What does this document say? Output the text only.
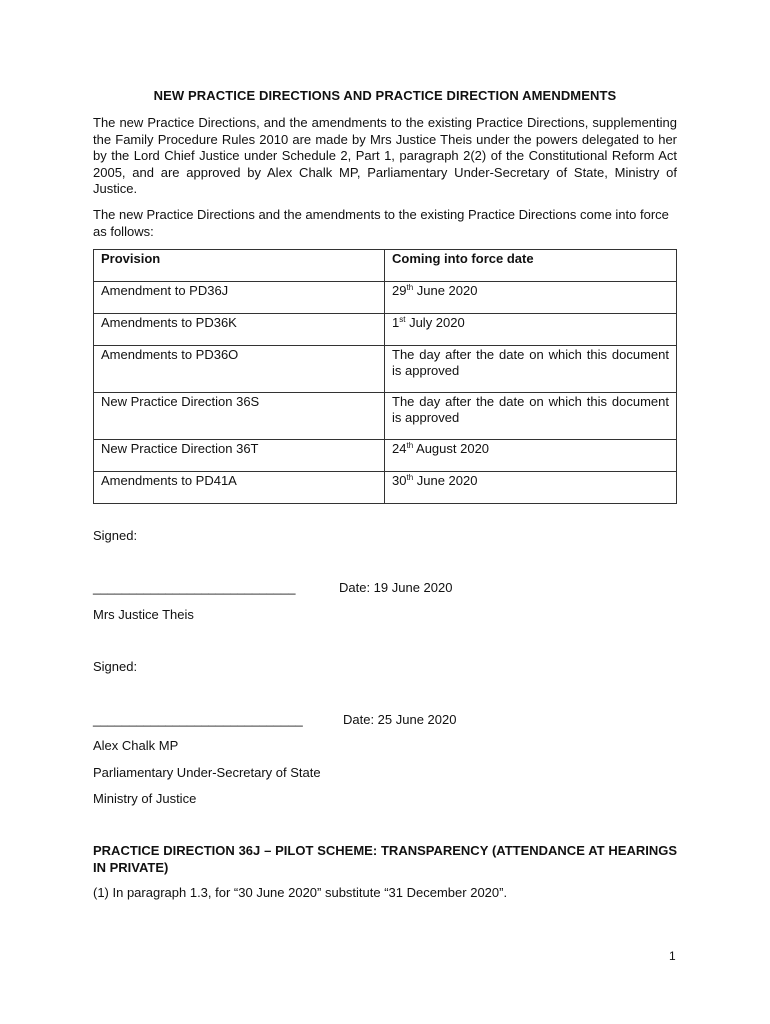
NEW PRACTICE DIRECTIONS AND PRACTICE DIRECTION AMENDMENTS

The new Practice Directions, and the amendments to the existing Practice Directions, supplementing the Family Procedure Rules 2010 are made by Mrs Justice Theis under the powers delegated to her by the Lord Chief Justice under Schedule 2, Part 1, paragraph 2(2) of the Constitutional Reform Act 2005, and are approved by Alex Chalk MP, Parliamentary Under-Secretary of State, Ministry of Justice.

The new Practice Directions and the amendments to the existing Practice Directions come into force as follows:

Provision	Coming into force date
Amendment to PD36J	29th June 2020
Amendments to PD36K	1st July 2020
Amendments to PD36O	The day after the date on which this document is approved
New Practice Direction 36S	The day after the date on which this document is approved
New Practice Direction 36T	24th August 2020
Amendments to PD41A	30th June 2020

Signed:

____________________________	Date: 19 June 2020

Mrs Justice Theis

Signed:

_____________________________	Date: 25 June 2020

Alex Chalk MP

Parliamentary Under-Secretary of State

Ministry of Justice

PRACTICE DIRECTION 36J – PILOT SCHEME: TRANSPARENCY (ATTENDANCE AT HEARINGS IN PRIVATE)

(1) In paragraph 1.3, for “30 June 2020” substitute “31 December 2020”.

1
